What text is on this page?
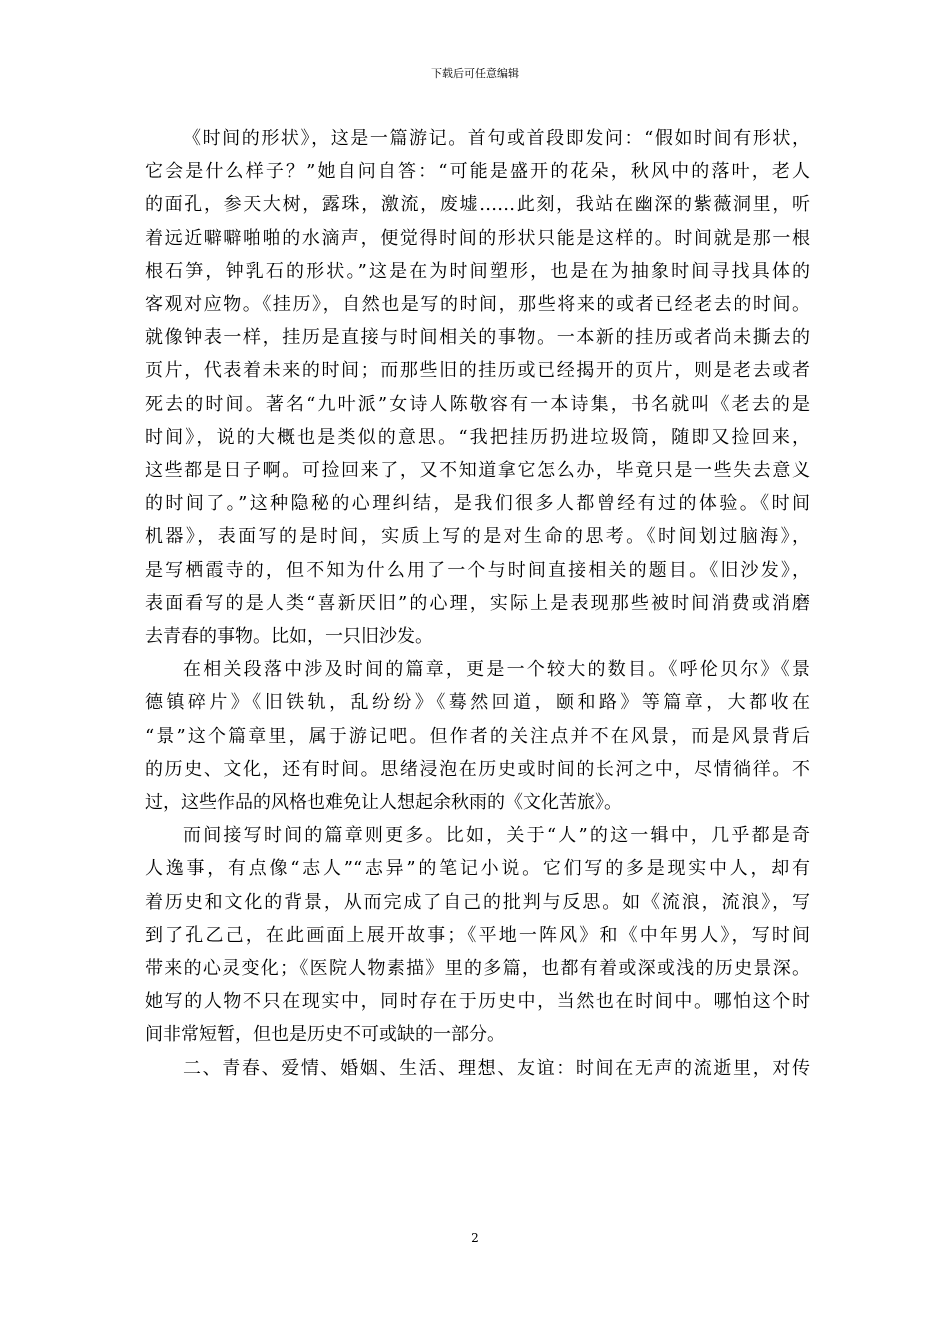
下载后可任意编辑

《时间的形状》，这是一篇游记。首句或首段即发问：“假如时间有形状，
它会是什么样子？”她自问自答：“可能是盛开的花朵，秋风中的落叶，老人
的面孔，参天大树，露珠，激流，废墟……此刻，我站在幽深的紫薇洞里，听
着远近噼噼啪啪的水滴声，便觉得时间的形状只能是这样的。时间就是那一根
根石笋，钟乳石的形状。”这是在为时间塑形，也是在为抽象时间寻找具体的
客观对应物。《挂历》，自然也是写的时间，那些将来的或者已经老去的时间。
就像钟表一样，挂历是直接与时间相关的事物。一本新的挂历或者尚未撕去的
页片，代表着未来的时间；而那些旧的挂历或已经揭开的页片，则是老去或者
死去的时间。著名“九叶派”女诗人陈敬容有一本诗集，书名就叫《老去的是
时间》，说的大概也是类似的意思。“我把挂历扔进垃圾筒，随即又捡回来，
这些都是日子啊。可捡回来了，又不知道拿它怎么办，毕竟只是一些失去意义
的时间了。”这种隐秘的心理纠结，是我们很多人都曾经有过的体验。《时间
机器》，表面写的是时间，实质上写的是对生命的思考。《时间划过脑海》，
是写栖霞寺的，但不知为什么用了一个与时间直接相关的题目。《旧沙发》，
表面看写的是人类“喜新厌旧”的心理，实际上是表现那些被时间消费或消磨
去青春的事物。比如，一只旧沙发。

在相关段落中涉及时间的篇章，更是一个较大的数目。《呼伦贝尔》《景
德镇碎片》《旧铁轨，乱纷纷》《蓦然回道，颐和路》等篇章，大都收在
“景”这个篇章里，属于游记吧。但作者的关注点并不在风景，而是风景背后
的历史、文化，还有时间。思绪浸泡在历史或时间的长河之中，尽情徜徉。不
过，这些作品的风格也难免让人想起余秋雨的《文化苦旅》。

而间接写时间的篇章则更多。比如，关于“人”的这一辑中，几乎都是奇
人逸事，有点像“志人”“志异”的笔记小说。它们写的多是现实中人，却有
着历史和文化的背景，从而完成了自己的批判与反思。如《流浪，流浪》，写
到了孔乙己，在此画面上展开故事；《平地一阵风》和《中年男人》，写时间
带来的心灵变化；《医院人物素描》里的多篇，也都有着或深或浅的历史景深。
她写的人物不只在现实中，同时存在于历史中，当然也在时间中。哪怕这个时
间非常短暂，但也是历史不可或缺的一部分。

二、青春、爱情、婚姻、生活、理想、友谊：时间在无声的流逝里，对传

2
